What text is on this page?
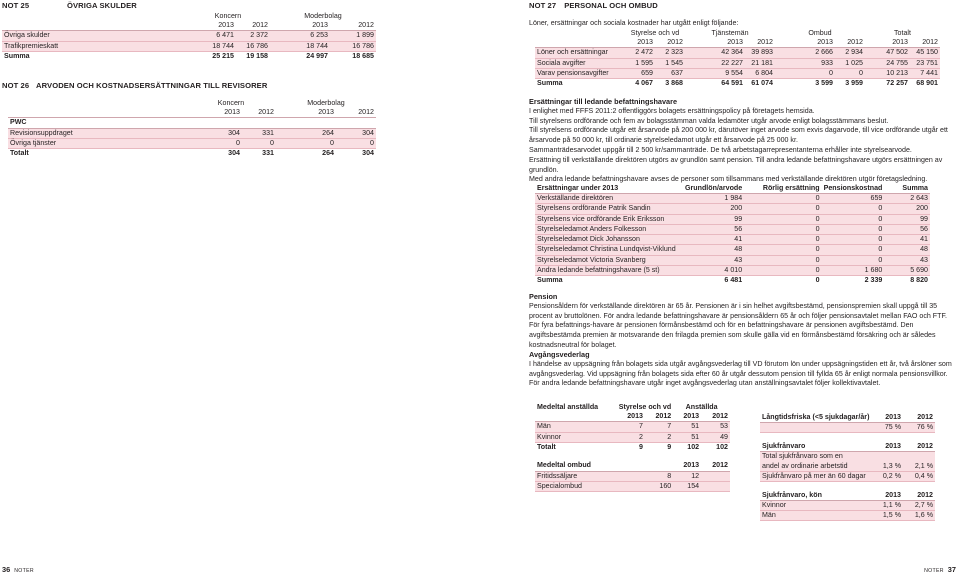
NOT 25	ÖVRIGA SKULDER
	Koncern		Moderbolag	
	2013	2012	2013	2012
Övriga skulder	6 471	2 372	6 253	1 899
Trafikpremieskatt	18 744	16 786	18 744	16 786
Summa	25 215	19 158	24 997	18 685
NOT 26 ARVODEN OCH KOSTNADSERSÄTTNINGAR TILL REVISORER
	Koncern		Moderbolag	
	2013	2012	2013	2012
PWC				
Revisionsuppdraget	304	331	264	304
Övriga tjänster	0	0	0	0
Totalt	304	331	264	304
36 NOTER
NOT 27 PERSONAL OCH OMBUD

Löner, ersättningar och sociala kostnader har utgått enligt följande:

	Styrelse och vd		Tjänstemän		Ombud		Totalt	
	2013	2012	2013	2012	2013	2012	2013	2012
Löner och ersättningar	2 472	2 323	42 364	39 893	2 666	2 934	47 502	45 150
Sociala avgifter	1 595	1 545	22 227	21 181	933	1 025	24 755	23 751
Varav pensionsavgifter	659	637	9 554	6 804	0	0	10 213	7 441
Summa	4 067	3 868	64 591	61 074	3 599	3 959	72 257	68 901
Ersättningar till ledande befattningshavare

I enlighet med FFFS 2011:2 offentliggörs bolagets ersättningspolicy på företagets hemsida.

Till styrelsens ordförande och fem av bolagsstämman valda ledamöter utgår arvode enligt bolagsstämmans beslut.

Till styrelsens ordförande utgår ett årsarvode på 200 000 kr, därutöver inget arvode som exvis dagarvode, till vice ordförande utgår ett årsarvode på 50 000 kr, till ordinarie styrelseledamot utgår ett årsarvode på 25 000 kr.

Sammanträdesarvodet uppgår till 2 500 kr/sammanträde. De två arbetstagarrepresentanterna erhåller inte styrelsearvode.

Ersättning till verkställande direktören utgörs av grundlön samt pension. Till andra ledande befattningshavare utgörs ersättningen av grundlön.

Med andra ledande befattningshavare avses de personer som tillsammans med verkställande direktören utgör företagsledning.

Ersättningar under 2013	Grundlön/arvode	Rörlig ersättning	Pensionskostnad	Summa
Verkställande direktören	1 984	0	659	2 643
Styrelsens ordförande Patrik Sandin	200	0	0	200
Styrelsens vice ordförande Erik Eriksson	99	0	0	99
Styrelseledamot Anders Folkesson	56	0	0	56
Styrelseledamot Dick Johansson	41	0	0	41
Styrelseledamot Christina Lundqvist-Viklund	48	0	0	48
Styrelseledamot Victoria Svanberg	43	0	0	43
Andra ledande befattningshavare (5 st)	4 010	0	1 680	5 690
Summa	6 481	0	2 339	8 820
Pension

Pensionsåldern för verkställande direktören är 65 år. Pensionen är i sin helhet avgiftsbestämd, pensionspremien skall uppgå till 35 procent av bruttolönen. För andra ledande befattningshavare är pensionsåldern 65 år och följer pensionsavtalet mellan FAO och FTF. För fyra befattnings-havare är pensionen förmånsbestämd och för en befattningshavare är pensionen avgiftsbestämd. Den avgiftsbestämda premien är motsvarande den frilagda premien som skulle gälla vid en förmånsbestämd försäkring och är således kostnadsneutral för bolaget.

Avgångsvederlag

I händelse av uppsägning från bolagets sida utgår avgångsvederlag till VD förutom lön under uppsägningstiden ett år, två årslöner som avgångsvederlag. Vid uppsägning från bolagets sida efter 60 år utgår dessutom pension till fyllda 65 år enligt normala pensionsvillkor. För andra ledande befattningshavare utgår inget avgångsvederlag utan anställningsavtalet följer kollektivavtalet.

Medeltal anställda	Styrelse och vd		Anställda	
	2013	2012	2013	2012
Män	7	7	51	53
Kvinnor	2	2	51	49
Totalt	9	9	102	102

Medeltal ombud			2013	2012
Fritidssäljare		8	12	
Specialombud		160	154	
Långtidsfriska (<5 sjukdagar/år)	2013	2012
	75 %	76 %

Sjukfrånvaro	2013	2012
Total sjukfrånvaro som en		
andel av ordinarie arbetstid	1,3 %	2,1 %
Sjukfrånvaro på mer än 60 dagar	0,2 %	0,4 %

Sjukfrånvaro, kön	2013	2012
Kvinnor	1,1 %	2,7 %
Män	1,5 %	1,6 %
NOTER 37
